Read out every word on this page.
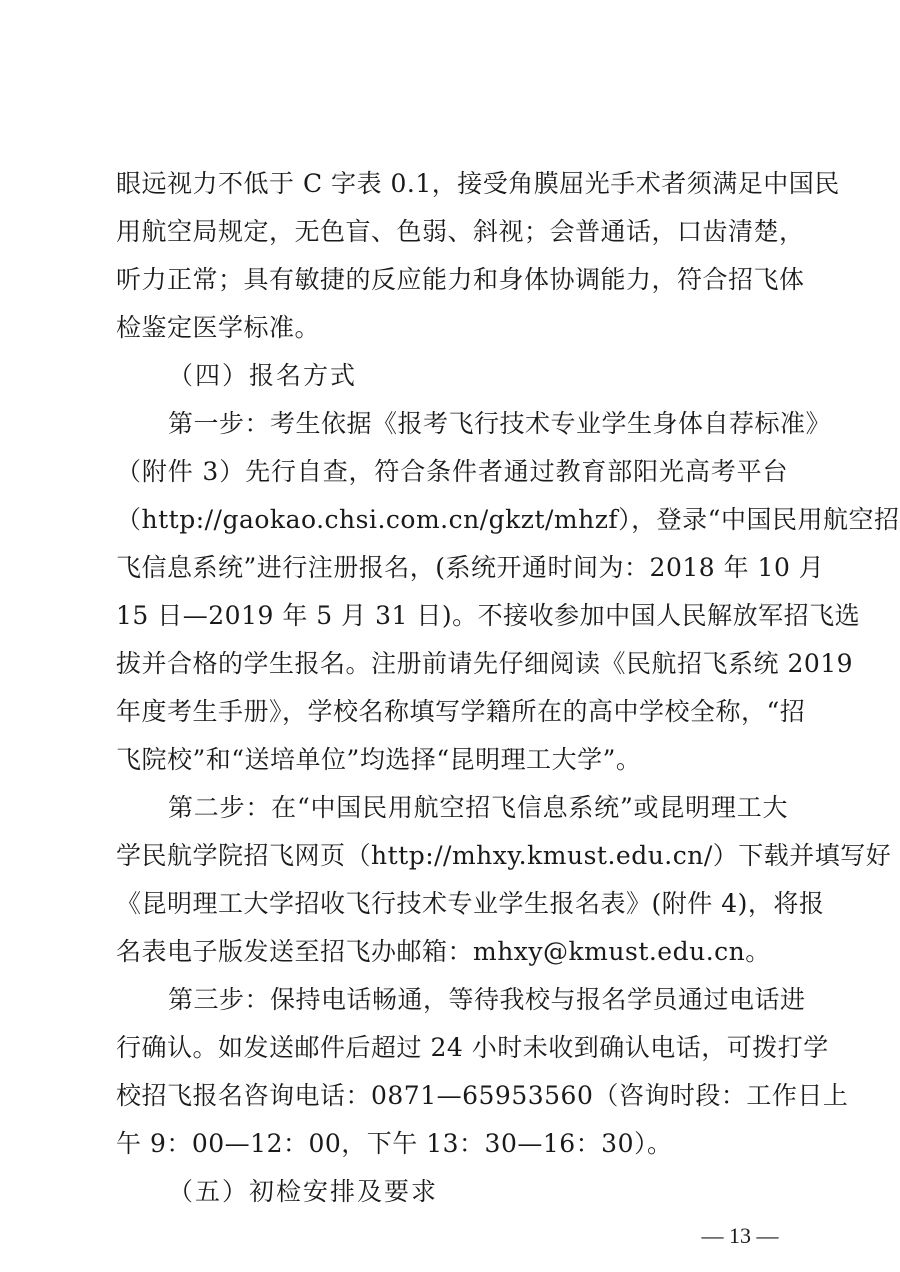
眼远视力不低于 C 字表 0.1，接受角膜屈光手术者须满足中国民
用航空局规定，无色盲、色弱、斜视；会普通话，口齿清楚，
听力正常；具有敏捷的反应能力和身体协调能力，符合招飞体
检鉴定医学标准。
（四）报名方式
第一步：考生依据《报考飞行技术专业学生身体自荐标准》
（附件 3）先行自查，符合条件者通过教育部阳光高考平台
（http://gaokao.chsi.com.cn/gkzt/mhzf），登录“中国民用航空招
飞信息系统”进行注册报名，(系统开通时间为：2018 年 10 月
15 日—2019 年 5 月 31 日)。不接收参加中国人民解放军招飞选
拔并合格的学生报名。注册前请先仔细阅读《民航招飞系统 2019
年度考生手册》，学校名称填写学籍所在的高中学校全称，“招
飞院校”和“送培单位”均选择“昆明理工大学”。
第二步：在“中国民用航空招飞信息系统”或昆明理工大
学民航学院招飞网页（http://mhxy.kmust.edu.cn/）下载并填写好
《昆明理工大学招收飞行技术专业学生报名表》(附件 4)，将报
名表电子版发送至招飞办邮箱：mhxy@kmust.edu.cn。
第三步：保持电话畅通，等待我校与报名学员通过电话进
行确认。如发送邮件后超过 24 小时未收到确认电话，可拨打学
校招飞报名咨询电话：0871—65953560（咨询时段：工作日上
午 9：00—12：00，下午 13：30—16：30）。
（五）初检安排及要求
— 13 —
